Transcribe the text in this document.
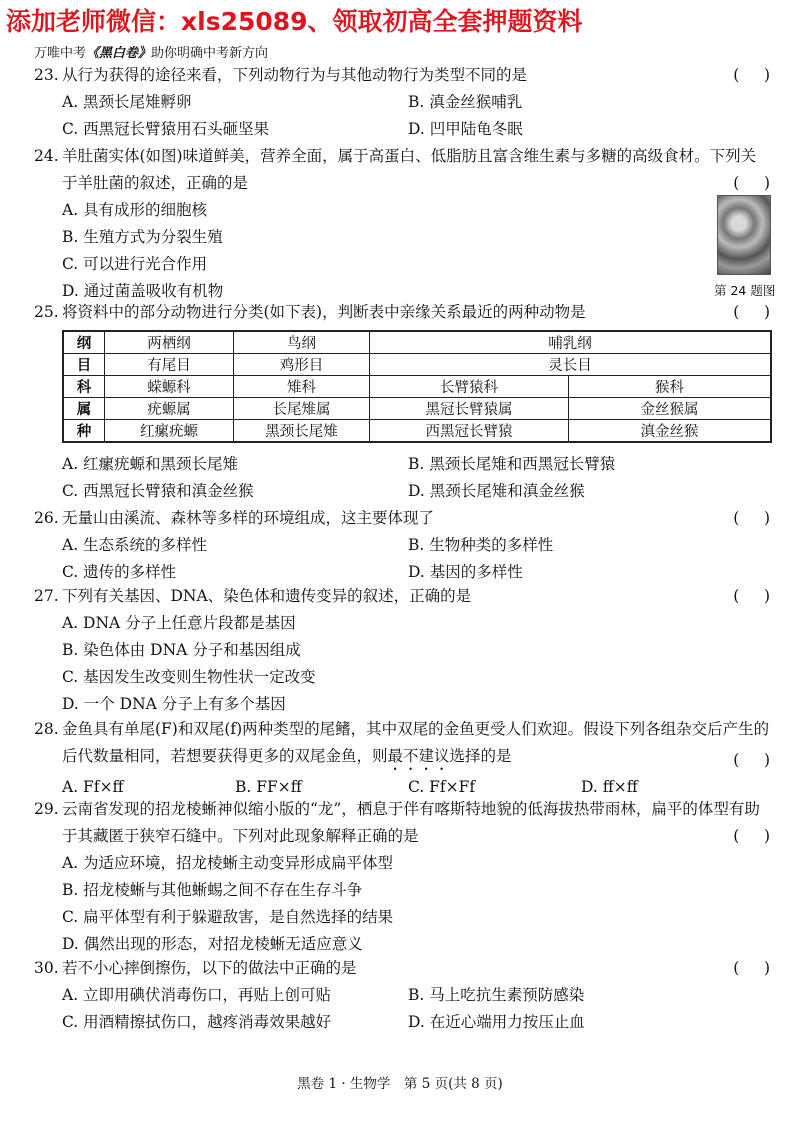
添加老师微信：xls25089、领取初高全套押题资料
万唯中考《黑白卷》助你明确中考新方向
23. 从行为获得的途径来看，下列动物行为与其他动物行为类型不同的是	(     )
A. 黑颈长尾雉孵卵	B. 滇金丝猴哺乳
C. 西黑冠长臂猿用石头砸坚果	D. 凹甲陆龟冬眠
24. 羊肚菌实体(如图)味道鲜美，营养全面，属于高蛋白、低脂肪且富含维生素与多糖的高级食材。下列关于羊肚菌的叙述，正确的是	(     )
A. 具有成形的细胞核
B. 生殖方式为分裂生殖
C. 可以进行光合作用
D. 通过菌盖吸收有机物	第 24 题图
25. 将资料中的部分动物进行分类(如下表)，判断表中亲缘关系最近的两种动物是	(     )
纲	两栖纲	鸟纲	哺乳纲	
目	有尾目	鸡形目	灵长目	
科	蝾螈科	雉科	长臂猿科	猴科
属	疣螈属	长尾雉属	黑冠长臂猿属	金丝猴属
种	红瘰疣螈	黑颈长尾雉	西黑冠长臂猿	滇金丝猴
A. 红瘰疣螈和黑颈长尾雉	B. 黑颈长尾雉和西黑冠长臂猿
C. 西黑冠长臂猿和滇金丝猴	D. 黑颈长尾雉和滇金丝猴
26. 无量山由溪流、森林等多样的环境组成，这主要体现了	(     )
A. 生态系统的多样性	B. 生物种类的多样性
C. 遗传的多样性	D. 基因的多样性
27. 下列有关基因、DNA、染色体和遗传变异的叙述，正确的是	(     )
A. DNA 分子上任意片段都是基因
B. 染色体由 DNA 分子和基因组成
C. 基因发生改变则生物性状一定改变
D. 一个 DNA 分子上有多个基因
28. 金鱼具有单尾(F)和双尾(f)两种类型的尾鳍，其中双尾的金鱼更受人们欢迎。假设下列各组杂交后产生的后代数量相同，若想要获得更多的双尾金鱼，则最不建议选择的是	(     )
A. Ff×ff	B. FF×ff	C. Ff×Ff	D. ff×ff
29. 云南省发现的招龙棱蜥神似缩小版的“龙”，栖息于伴有喀斯特地貌的低海拔热带雨林，扁平的体型有助于其藏匿于狭窄石缝中。下列对此现象解释正确的是	(     )
A. 为适应环境，招龙棱蜥主动变异形成扁平体型
B. 招龙棱蜥与其他蜥蜴之间不存在生存斗争
C. 扁平体型有利于躲避敌害，是自然选择的结果
D. 偶然出现的形态，对招龙棱蜥无适应意义
30. 若不小心摔倒擦伤，以下的做法中正确的是	(     )
A. 立即用碘伏消毒伤口，再贴上创可贴	B. 马上吃抗生素预防感染
C. 用酒精擦拭伤口，越疼消毒效果越好	D. 在近心端用力按压止血
黑卷 1 · 生物学　第 5 页(共 8 页)
